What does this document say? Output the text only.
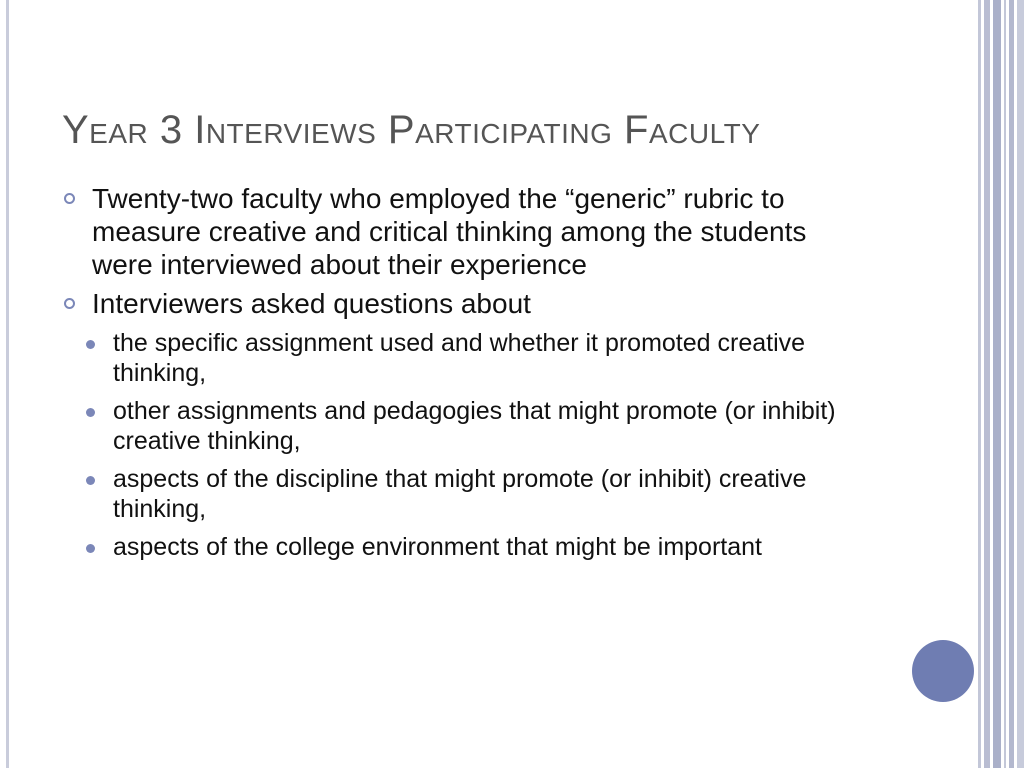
Year 3 Interviews Participating Faculty
Twenty-two faculty who employed the “generic” rubric to measure creative and critical thinking among the students were interviewed about their experience
Interviewers asked questions about
the specific assignment used and whether it promoted creative thinking,
other assignments and pedagogies that might promote (or inhibit) creative thinking,
aspects of the discipline that might promote (or inhibit) creative thinking,
aspects of the college environment that might be important
